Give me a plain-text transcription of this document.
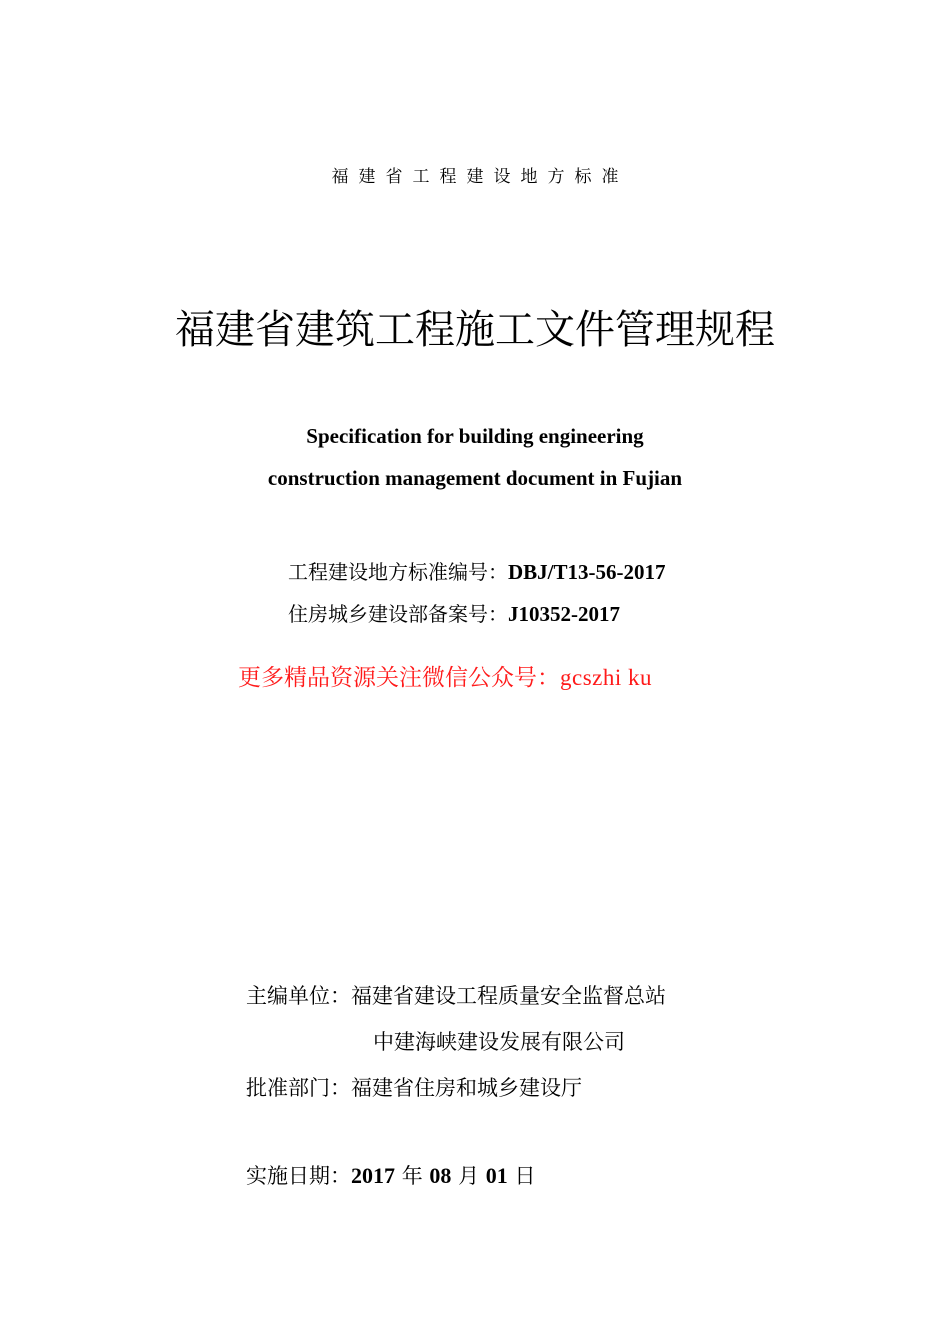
福建省工程建设地方标准
福建省建筑工程施工文件管理规程
Specification for building engineering
construction management document in Fujian
工程建设地方标准编号：DBJ/T13-56-2017
住房城乡建设部备案号：J10352-2017
更多精品资源关注微信公众号：gcszhi ku
主编单位：福建省建设工程质量安全监督总站
中建海峡建设发展有限公司
批准部门：福建省住房和城乡建设厅
实施日期：2017 年 08 月 01 日
